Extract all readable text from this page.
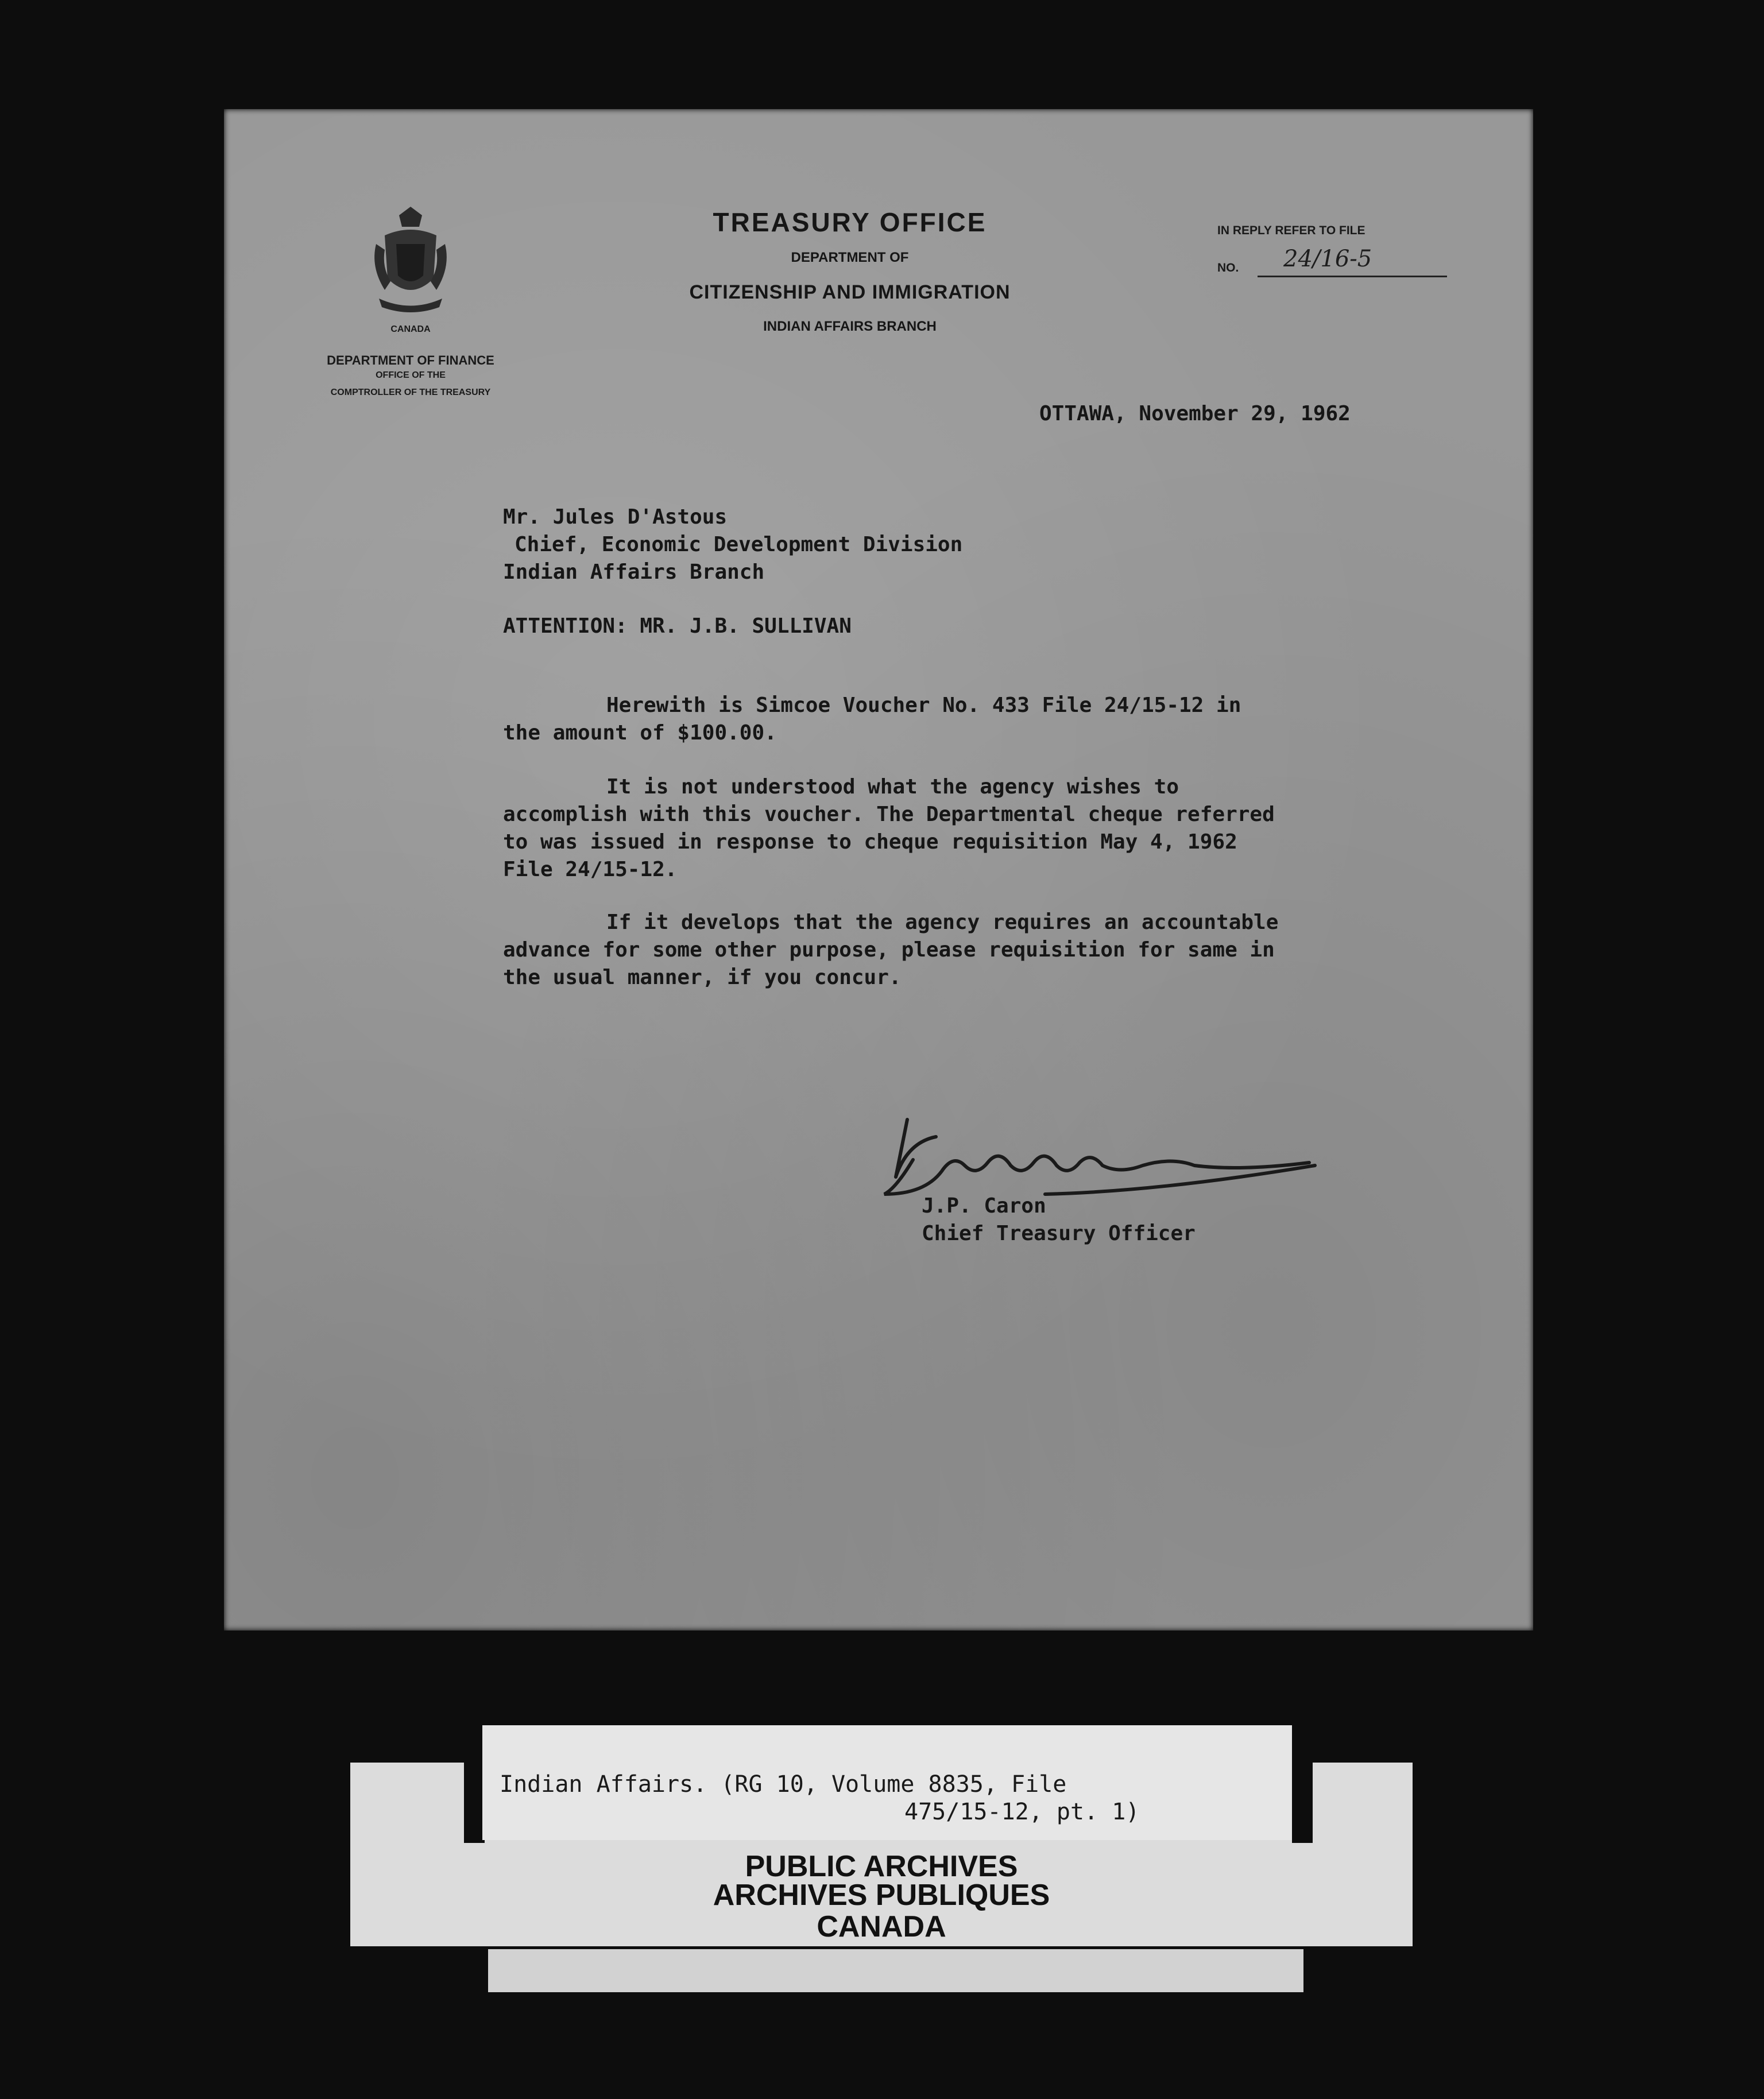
CANADA
DEPARTMENT OF FINANCE
OFFICE OF THE
COMPTROLLER OF THE TREASURY
TREASURY OFFICE
DEPARTMENT OF
CITIZENSHIP AND IMMIGRATION
INDIAN AFFAIRS BRANCH
IN REPLY REFER TO FILE
NO. 24/16-5
OTTAWA, November 29, 1962
Mr. Jules D'Astous
Chief, Economic Development Division
Indian Affairs Branch
ATTENTION: MR. J.B. SULLIVAN
Herewith is Simcoe Voucher No. 433 File 24/15-12 in
the amount of $100.00.
It is not understood what the agency wishes to
accomplish with this voucher. The Departmental cheque referred
to was issued in response to cheque requisition May 4, 1962
File 24/15-12.
If it develops that the agency requires an accountable
advance for some other purpose, please requisition for same in
the usual manner, if you concur.
J.P. Caron
Chief Treasury Officer
PUBLIC ARCHIVES
ARCHIVES PUBLIQUES
CANADA
Indian Affairs. (RG 10, Volume 8835, File
475/15-12, pt. 1)
